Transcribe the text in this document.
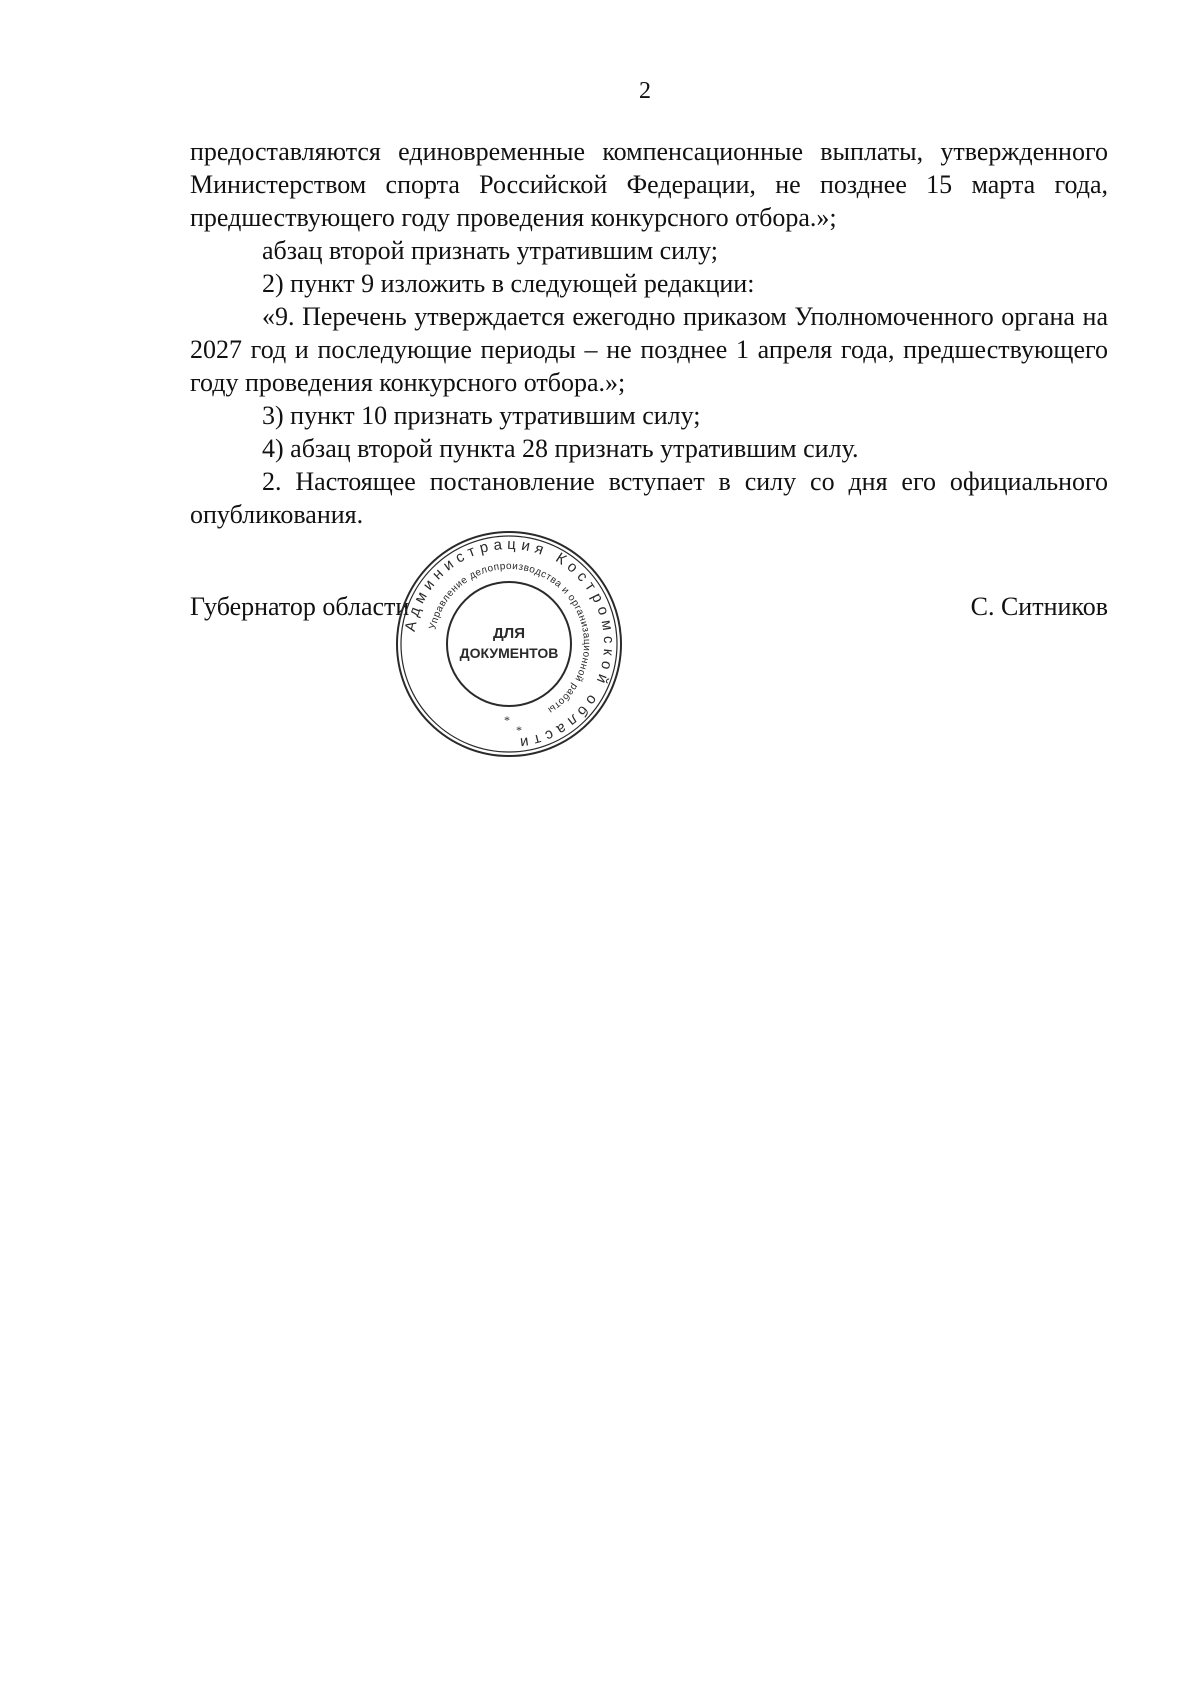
2

предоставляются единовременные компенсационные выплаты, утвержденного Министерством спорта Российской Федерации, не позднее 15 марта года, предшествующего году проведения конкурсного отбора.»;

абзац второй признать утратившим силу;

2) пункт 9 изложить в следующей редакции:

«9. Перечень утверждается ежегодно приказом Уполномоченного органа на 2027 год и последующие периоды – не позднее 1 апреля года, предшествующего году проведения конкурсного отбора.»;

3) пункт 10 признать утратившим силу;

4) абзац второй пункта 28 признать утратившим силу.

2. Настоящее постановление вступает в силу со дня его официального опубликования.

Губернатор области	С. Ситников
Администрация Костромской области
Управление делопроизводства и организационной работы
ДЛЯ
ДОКУМЕНТОВ
*
*
